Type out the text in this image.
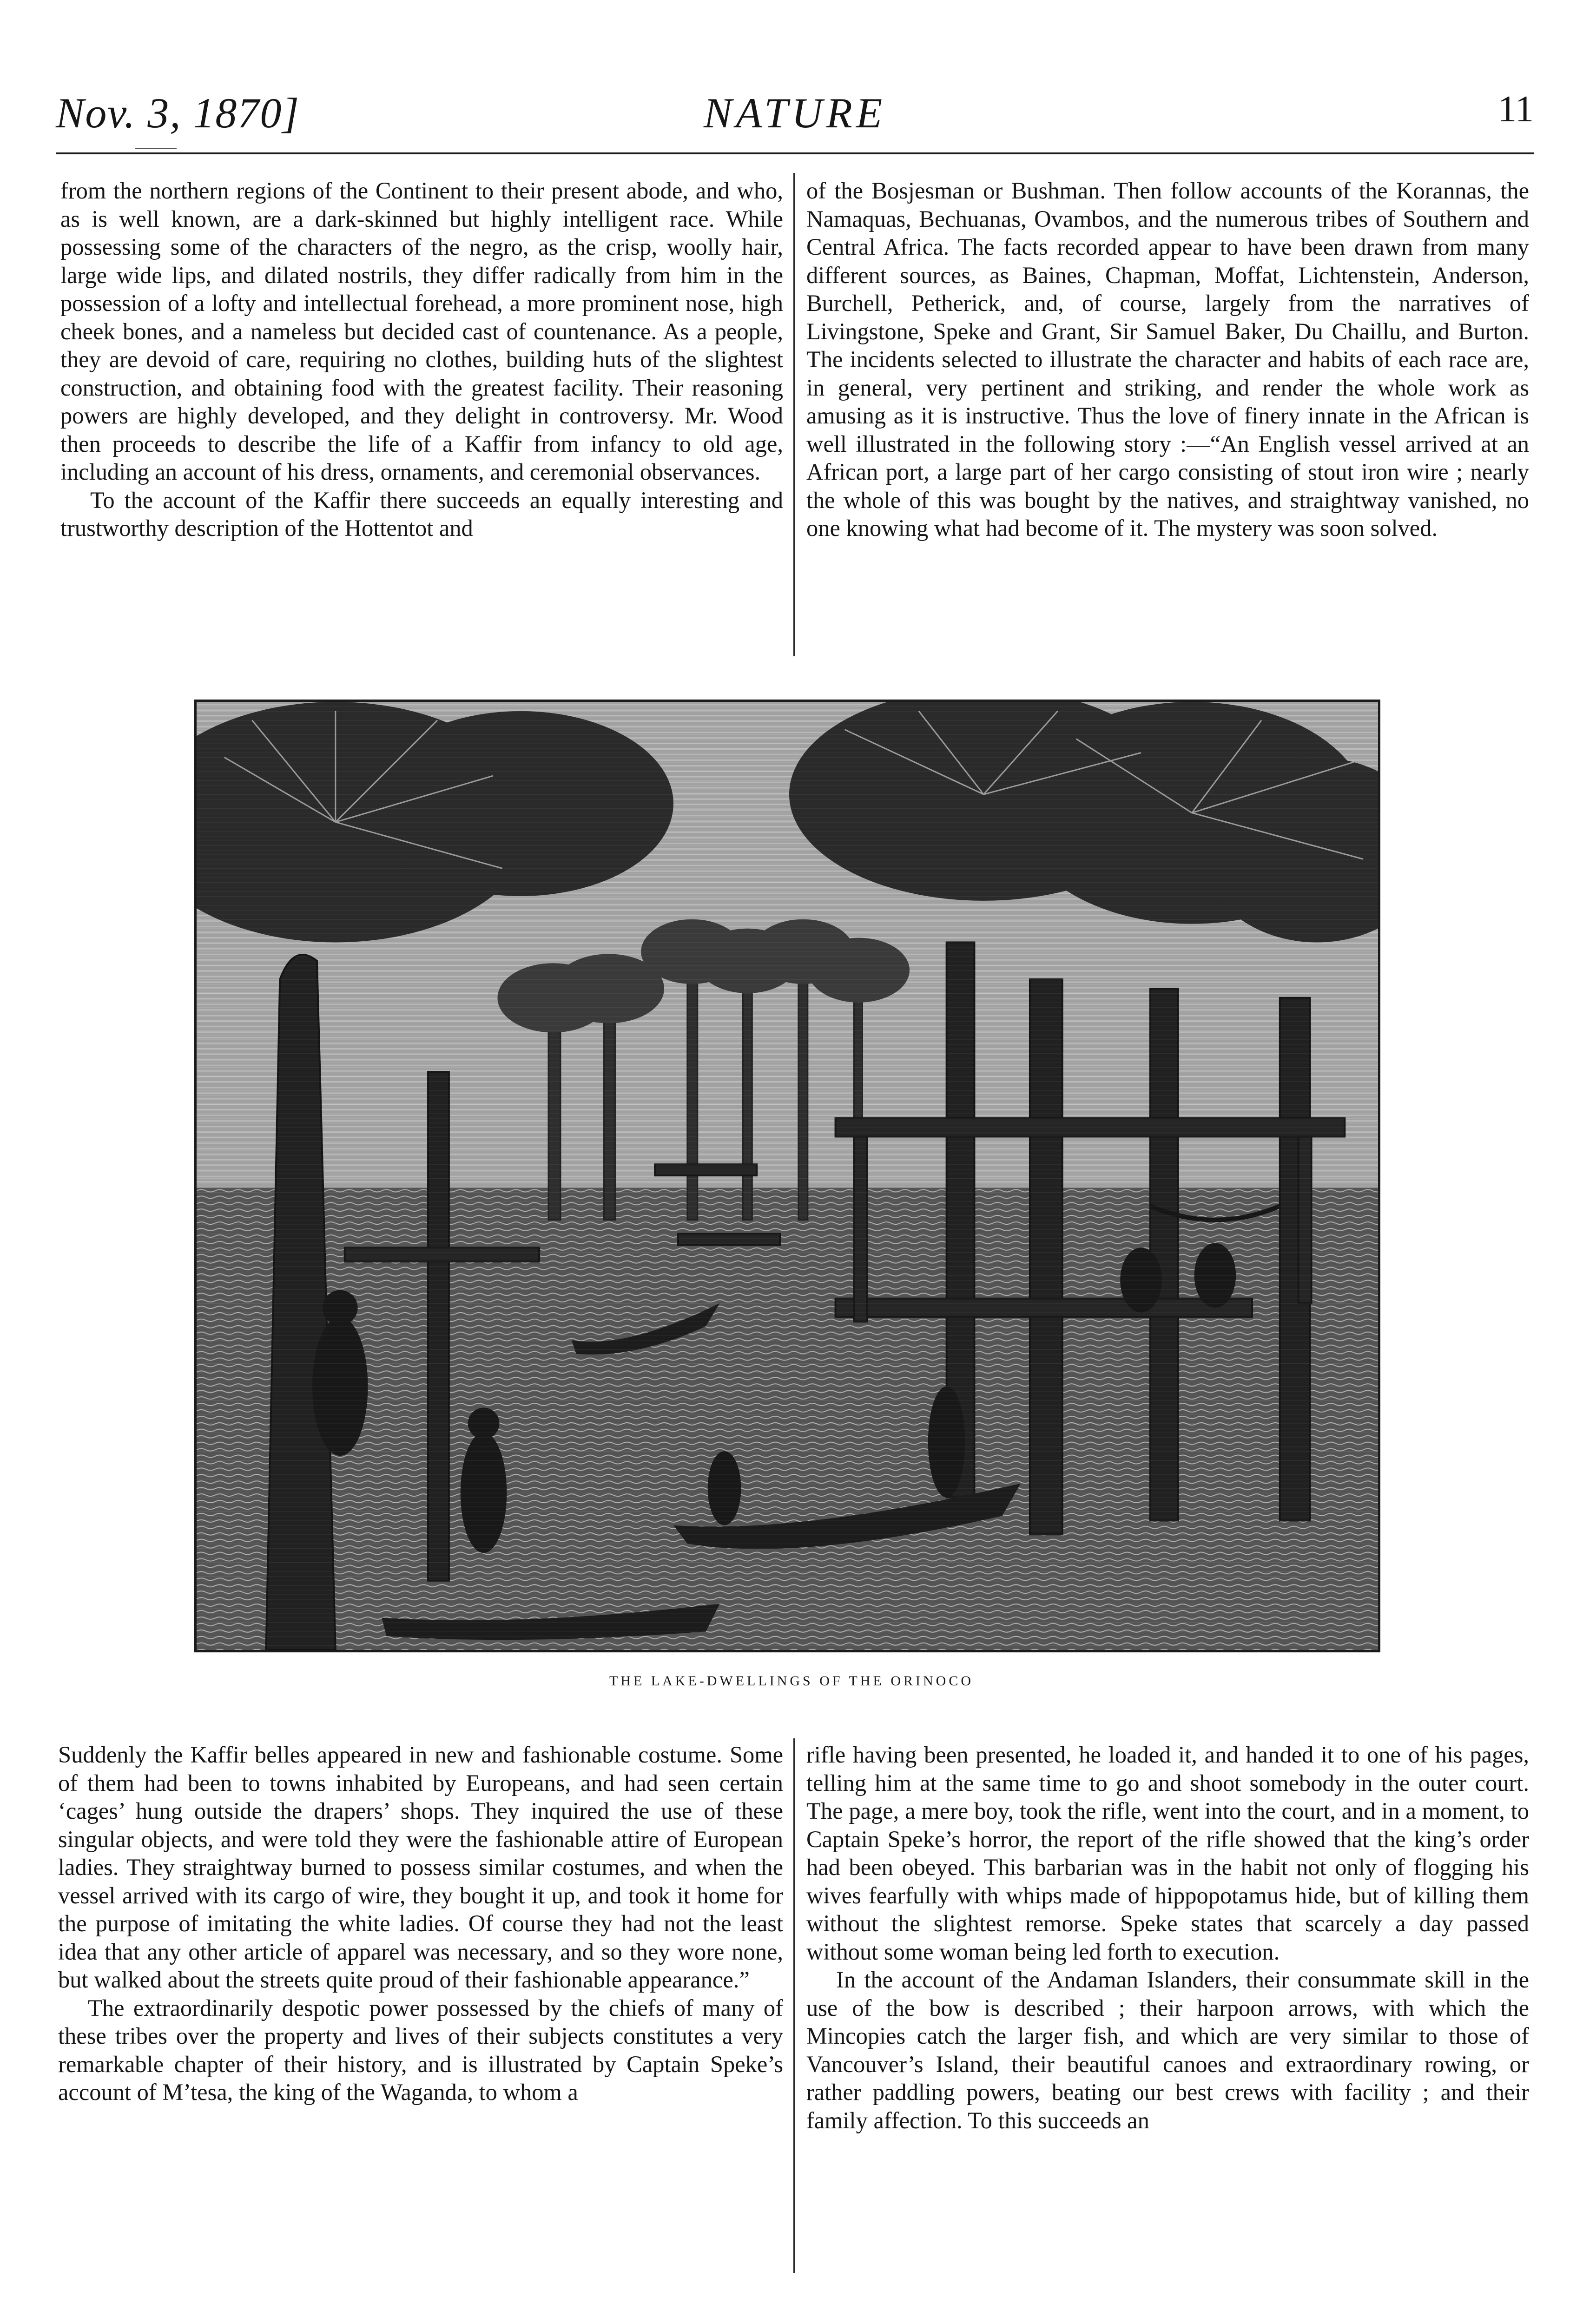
Nov. 3, 1870]	NATURE	11

from the northern regions of the Continent to their present abode, and who, as is well known, are a dark-skinned but highly intelligent race. While possessing some of the characters of the negro, as the crisp, woolly hair, large wide lips, and dilated nostrils, they differ radically from him in the possession of a lofty and intellectual forehead, a more prominent nose, high cheek bones, and a nameless but decided cast of countenance. As a people, they are devoid of care, requiring no clothes, building huts of the slightest construction, and obtaining food with the greatest facility. Their reasoning powers are highly developed, and they delight in controversy. Mr. Wood then proceeds to describe the life of a Kaffir from infancy to old age, including an account of his dress, ornaments, and ceremonial observances.

To the account of the Kaffir there succeeds an equally interesting and trustworthy description of the Hottentot and

of the Bosjesman or Bushman. Then follow accounts of the Korannas, the Namaquas, Bechuanas, Ovambos, and the numerous tribes of Southern and Central Africa. The facts recorded appear to have been drawn from many different sources, as Baines, Chapman, Moffat, Lichtenstein, Anderson, Burchell, Petherick, and, of course, largely from the narratives of Livingstone, Speke and Grant, Sir Samuel Baker, Du Chaillu, and Burton. The incidents selected to illustrate the character and habits of each race are, in general, very pertinent and striking, and render the whole work as amusing as it is instructive. Thus the love of finery innate in the African is well illustrated in the following story :—“An English vessel arrived at an African port, a large part of her cargo consisting of stout iron wire ; nearly the whole of this was bought by the natives, and straightway vanished, no one knowing what had become of it. The mystery was soon solved.

THE LAKE-DWELLINGS OF THE ORINOCO

Suddenly the Kaffir belles appeared in new and fashionable costume. Some of them had been to towns inhabited by Europeans, and had seen certain ‘cages’ hung outside the drapers’ shops. They inquired the use of these singular objects, and were told they were the fashionable attire of European ladies. They straightway burned to possess similar costumes, and when the vessel arrived with its cargo of wire, they bought it up, and took it home for the purpose of imitating the white ladies. Of course they had not the least idea that any other article of apparel was necessary, and so they wore none, but walked about the streets quite proud of their fashionable appearance.”

The extraordinarily despotic power possessed by the chiefs of many of these tribes over the property and lives of their subjects constitutes a very remarkable chapter of their history, and is illustrated by Captain Speke’s account of M’tesa, the king of the Waganda, to whom a

rifle having been presented, he loaded it, and handed it to one of his pages, telling him at the same time to go and shoot somebody in the outer court. The page, a mere boy, took the rifle, went into the court, and in a moment, to Captain Speke’s horror, the report of the rifle showed that the king’s order had been obeyed. This barbarian was in the habit not only of flogging his wives fearfully with whips made of hippopotamus hide, but of killing them without the slightest remorse. Speke states that scarcely a day passed without some woman being led forth to execution.

In the account of the Andaman Islanders, their consummate skill in the use of the bow is described ; their harpoon arrows, with which the Mincopies catch the larger fish, and which are very similar to those of Vancouver’s Island, their beautiful canoes and extraordinary rowing, or rather paddling powers, beating our best crews with facility ; and their family affection. To this succeeds an
